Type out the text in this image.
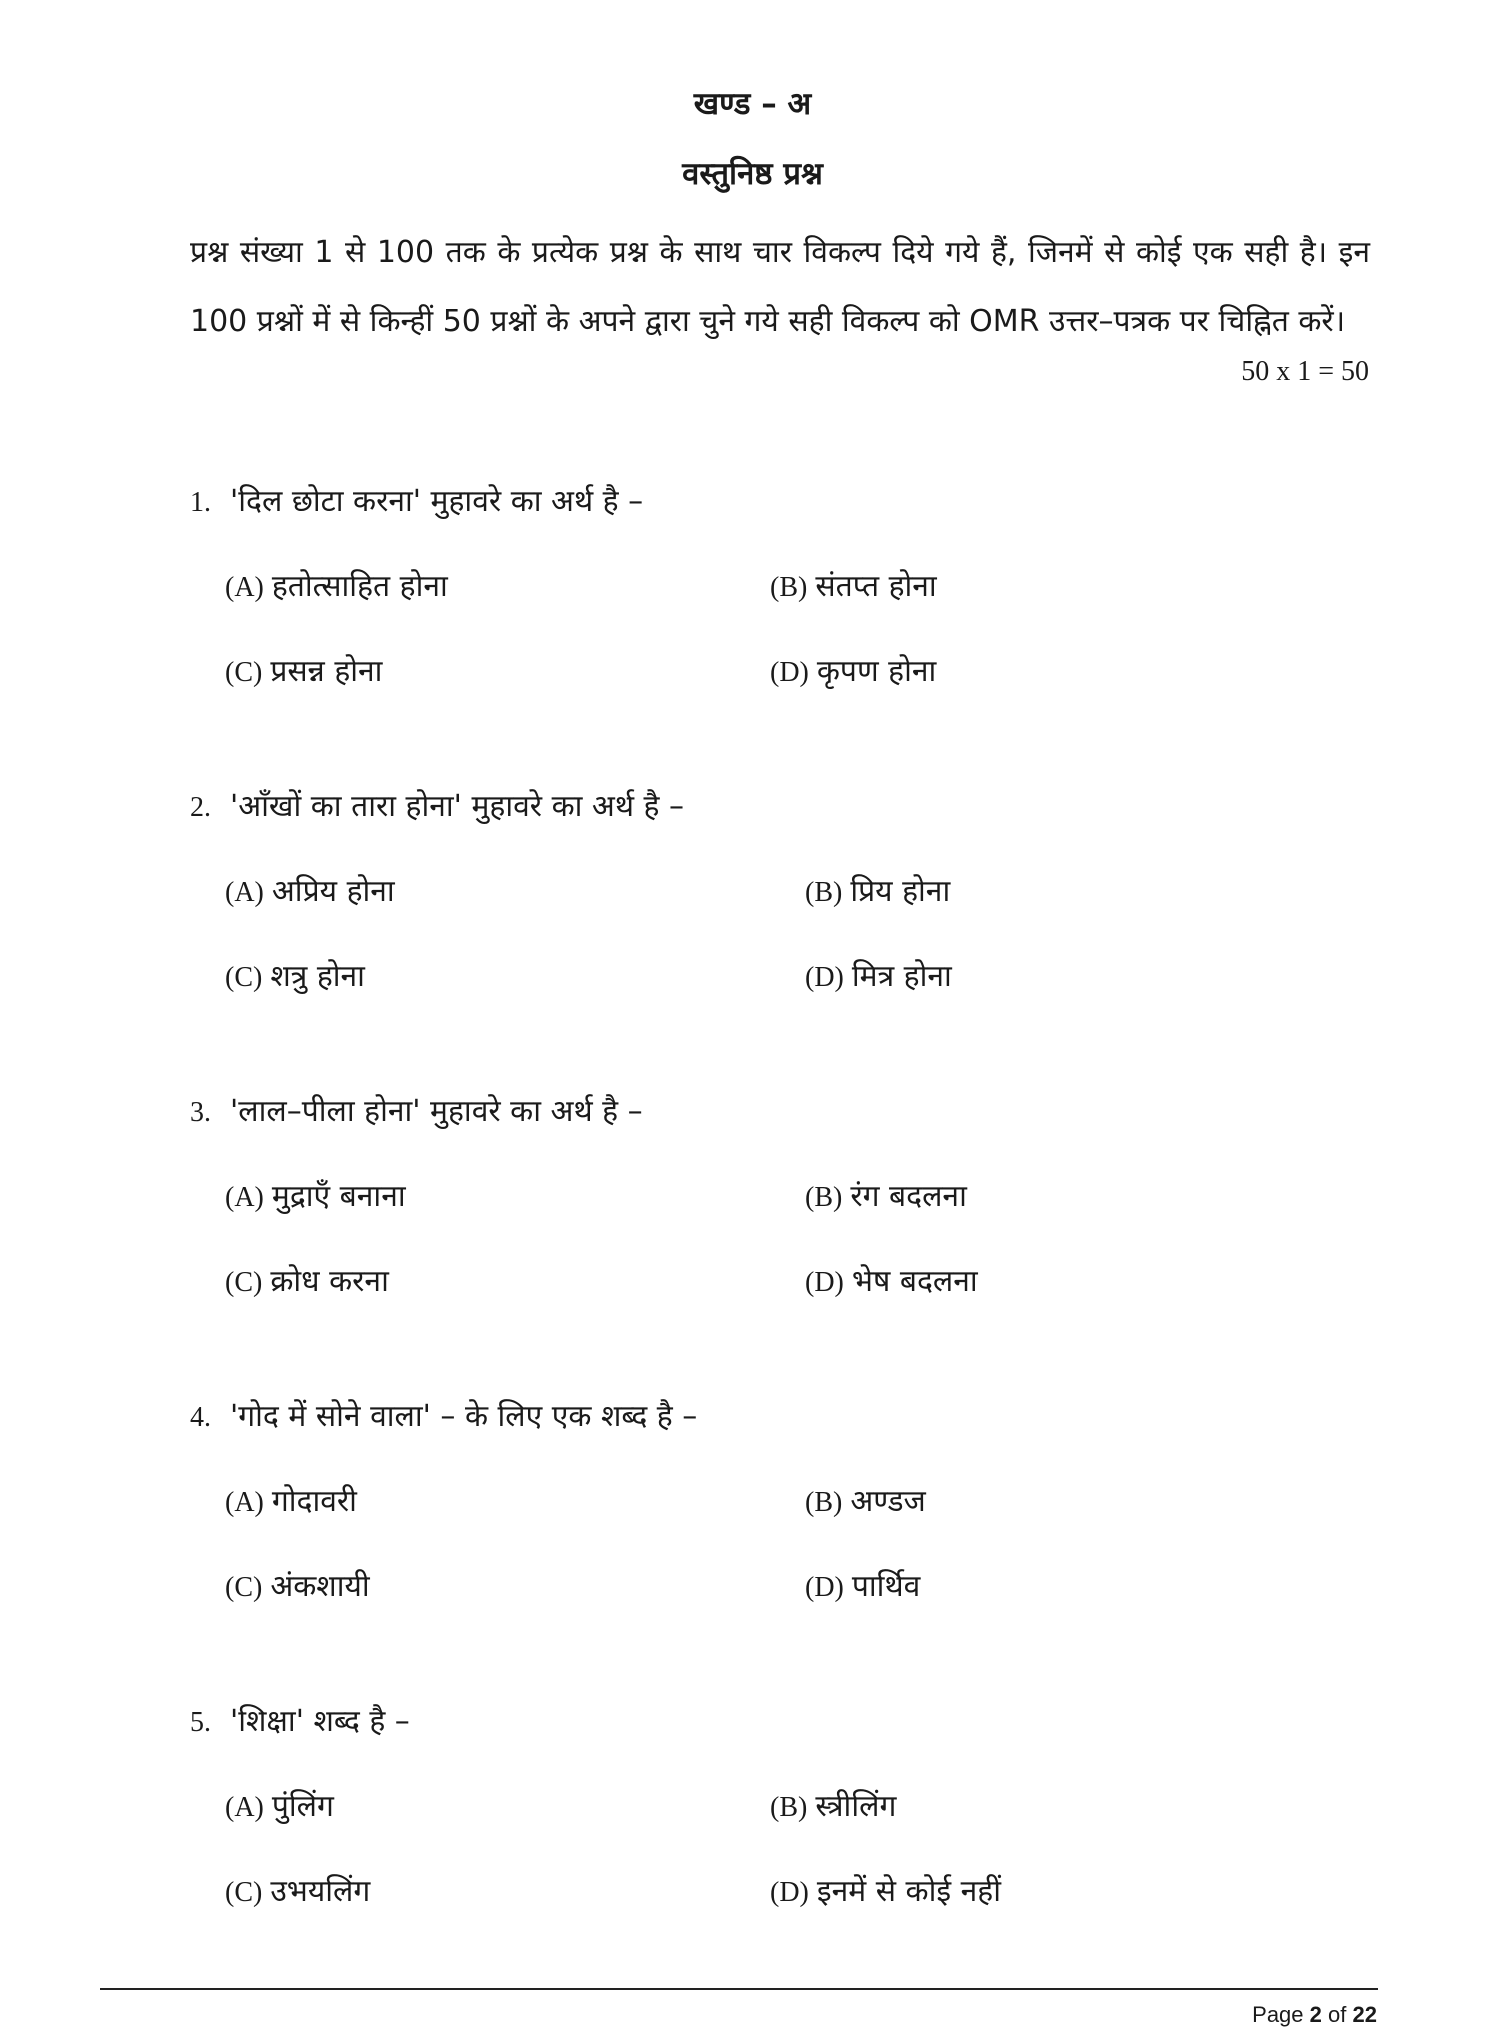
खण्ड – अ
वस्तुनिष्ठ प्रश्न
प्रश्न संख्या 1 से 100 तक के प्रत्येक प्रश्न के साथ चार विकल्प दिये गये हैं, जिनमें से कोई एक सही है। इन 100 प्रश्नों में से किन्हीं 50 प्रश्नों के अपने द्वारा चुने गये सही विकल्प को OMR उत्तर–पत्रक पर चिह्नित करें।
50 x 1 = 50
1. 'दिल छोटा करना' मुहावरे का अर्थ है –
(A) हतोत्साहित होना	(B) संतप्त होना
(C) प्रसन्न होना	(D) कृपण होना
2. 'आँखों का तारा होना' मुहावरे का अर्थ है –
(A) अप्रिय होना	(B) प्रिय होना
(C) शत्रु होना	(D) मित्र होना
3. 'लाल–पीला होना' मुहावरे का अर्थ है –
(A) मुद्राएँ बनाना	(B) रंग बदलना
(C) क्रोध करना	(D) भेष बदलना
4. 'गोद में सोने वाला' – के लिए एक शब्द है –
(A) गोदावरी	(B) अण्डज
(C) अंकशायी	(D) पार्थिव
5. 'शिक्षा' शब्द है –
(A) पुंलिंग	(B) स्त्रीलिंग
(C) उभयलिंग	(D) इनमें से कोई नहीं
Page 2 of 22
